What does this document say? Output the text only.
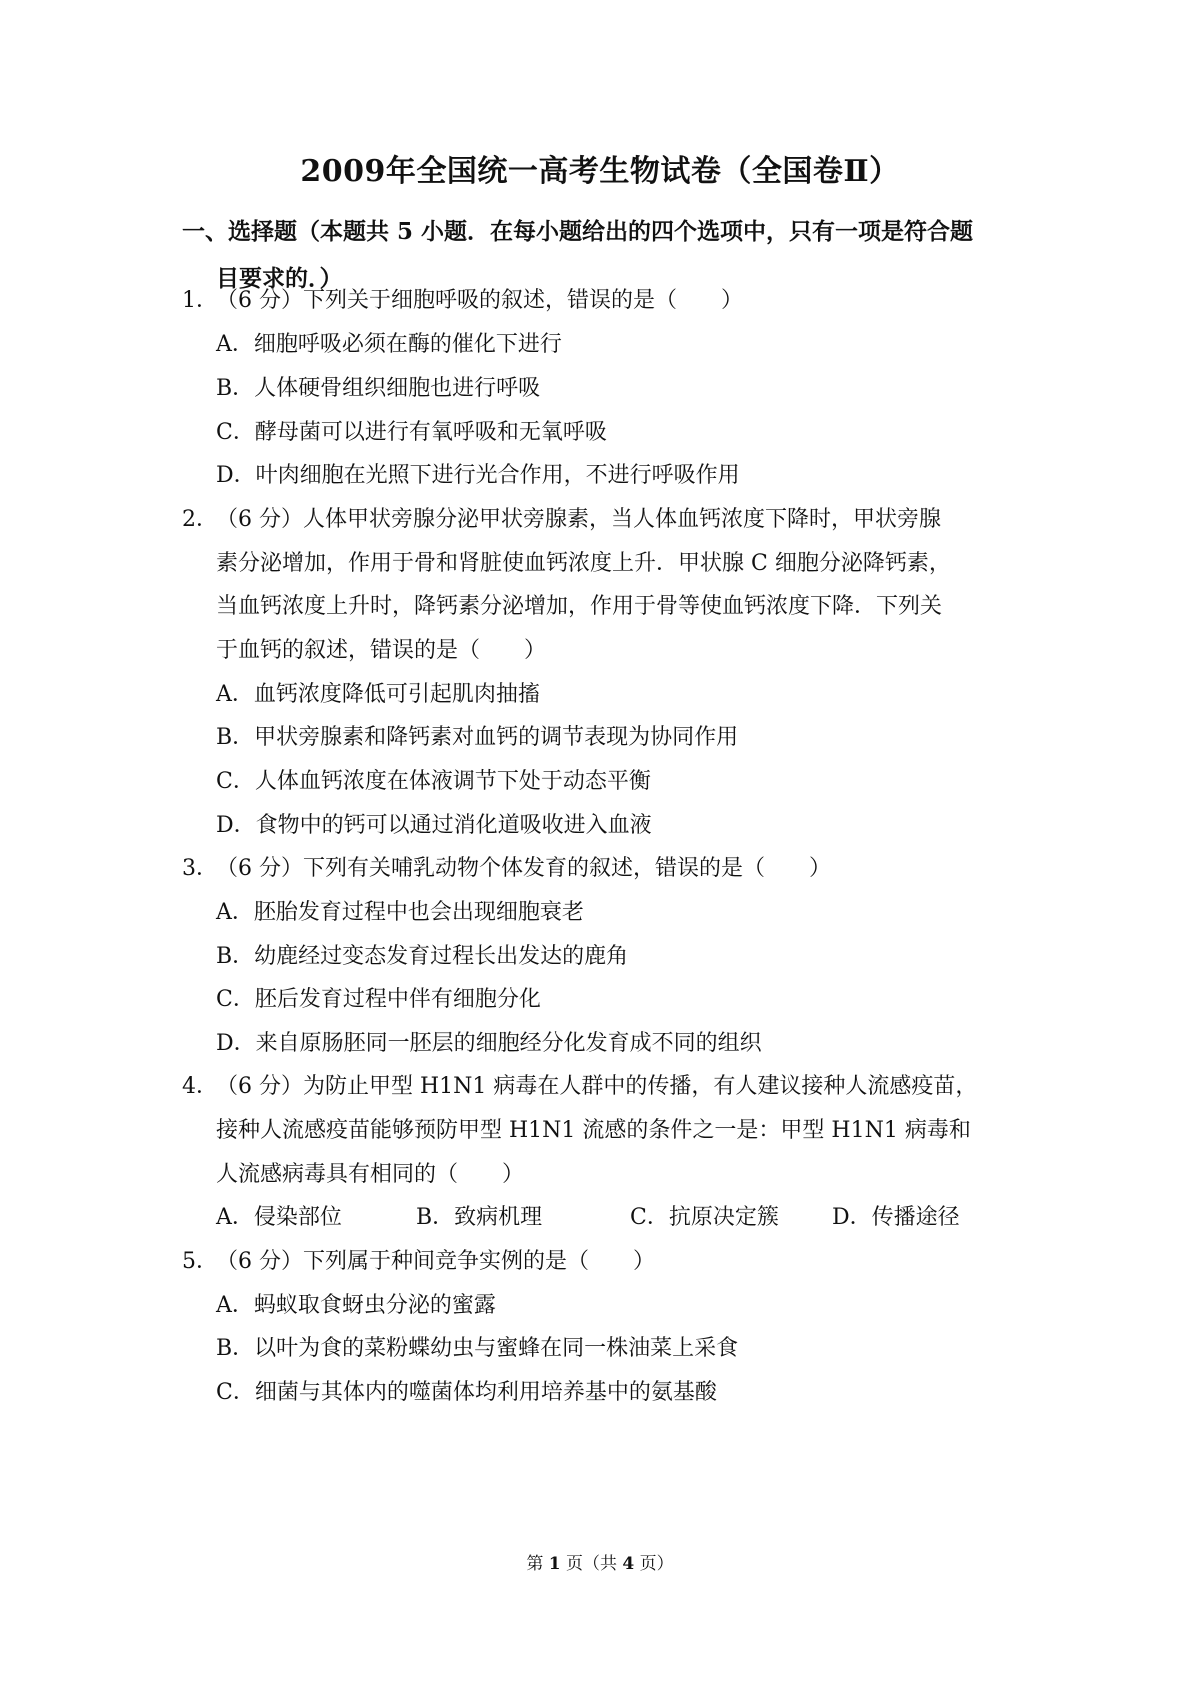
2009年全国统一高考生物试卷（全国卷Ⅱ）
一、选择题（本题共 5 小题．在每小题给出的四个选项中，只有一项是符合题
目要求的．）
1．
（6 分）下列关于细胞呼吸的叙述，错误的是（　　）
A．细胞呼吸必须在酶的催化下进行
B．人体硬骨组织细胞也进行呼吸
C．酵母菌可以进行有氧呼吸和无氧呼吸
D．叶肉细胞在光照下进行光合作用，不进行呼吸作用
2．
（6 分）人体甲状旁腺分泌甲状旁腺素，当人体血钙浓度下降时，甲状旁腺
素分泌增加，作用于骨和肾脏使血钙浓度上升．甲状腺 C 细胞分泌降钙素，
当血钙浓度上升时，降钙素分泌增加，作用于骨等使血钙浓度下降．下列关
于血钙的叙述，错误的是（　　）
A．血钙浓度降低可引起肌肉抽搐
B．甲状旁腺素和降钙素对血钙的调节表现为协同作用
C．人体血钙浓度在体液调节下处于动态平衡
D．食物中的钙可以通过消化道吸收进入血液
3．
（6 分）下列有关哺乳动物个体发育的叙述，错误的是（　　）
A．胚胎发育过程中也会出现细胞衰老
B．幼鹿经过变态发育过程长出发达的鹿角
C．胚后发育过程中伴有细胞分化
D．来自原肠胚同一胚层的细胞经分化发育成不同的组织
4．
（6 分）为防止甲型 H1N1 病毒在人群中的传播，有人建议接种人流感疫苗，
接种人流感疫苗能够预防甲型 H1N1 流感的条件之一是：甲型 H1N1 病毒和
人流感病毒具有相同的（　　）
A．侵染部位	B．致病机理	C．抗原决定簇 D．传播途径
5．
（6 分）下列属于种间竞争实例的是（　　）
A．蚂蚁取食蚜虫分泌的蜜露
B．以叶为食的菜粉蝶幼虫与蜜蜂在同一株油菜上采食
C．细菌与其体内的噬菌体均利用培养基中的氨基酸
第 1 页（共 4 页）
